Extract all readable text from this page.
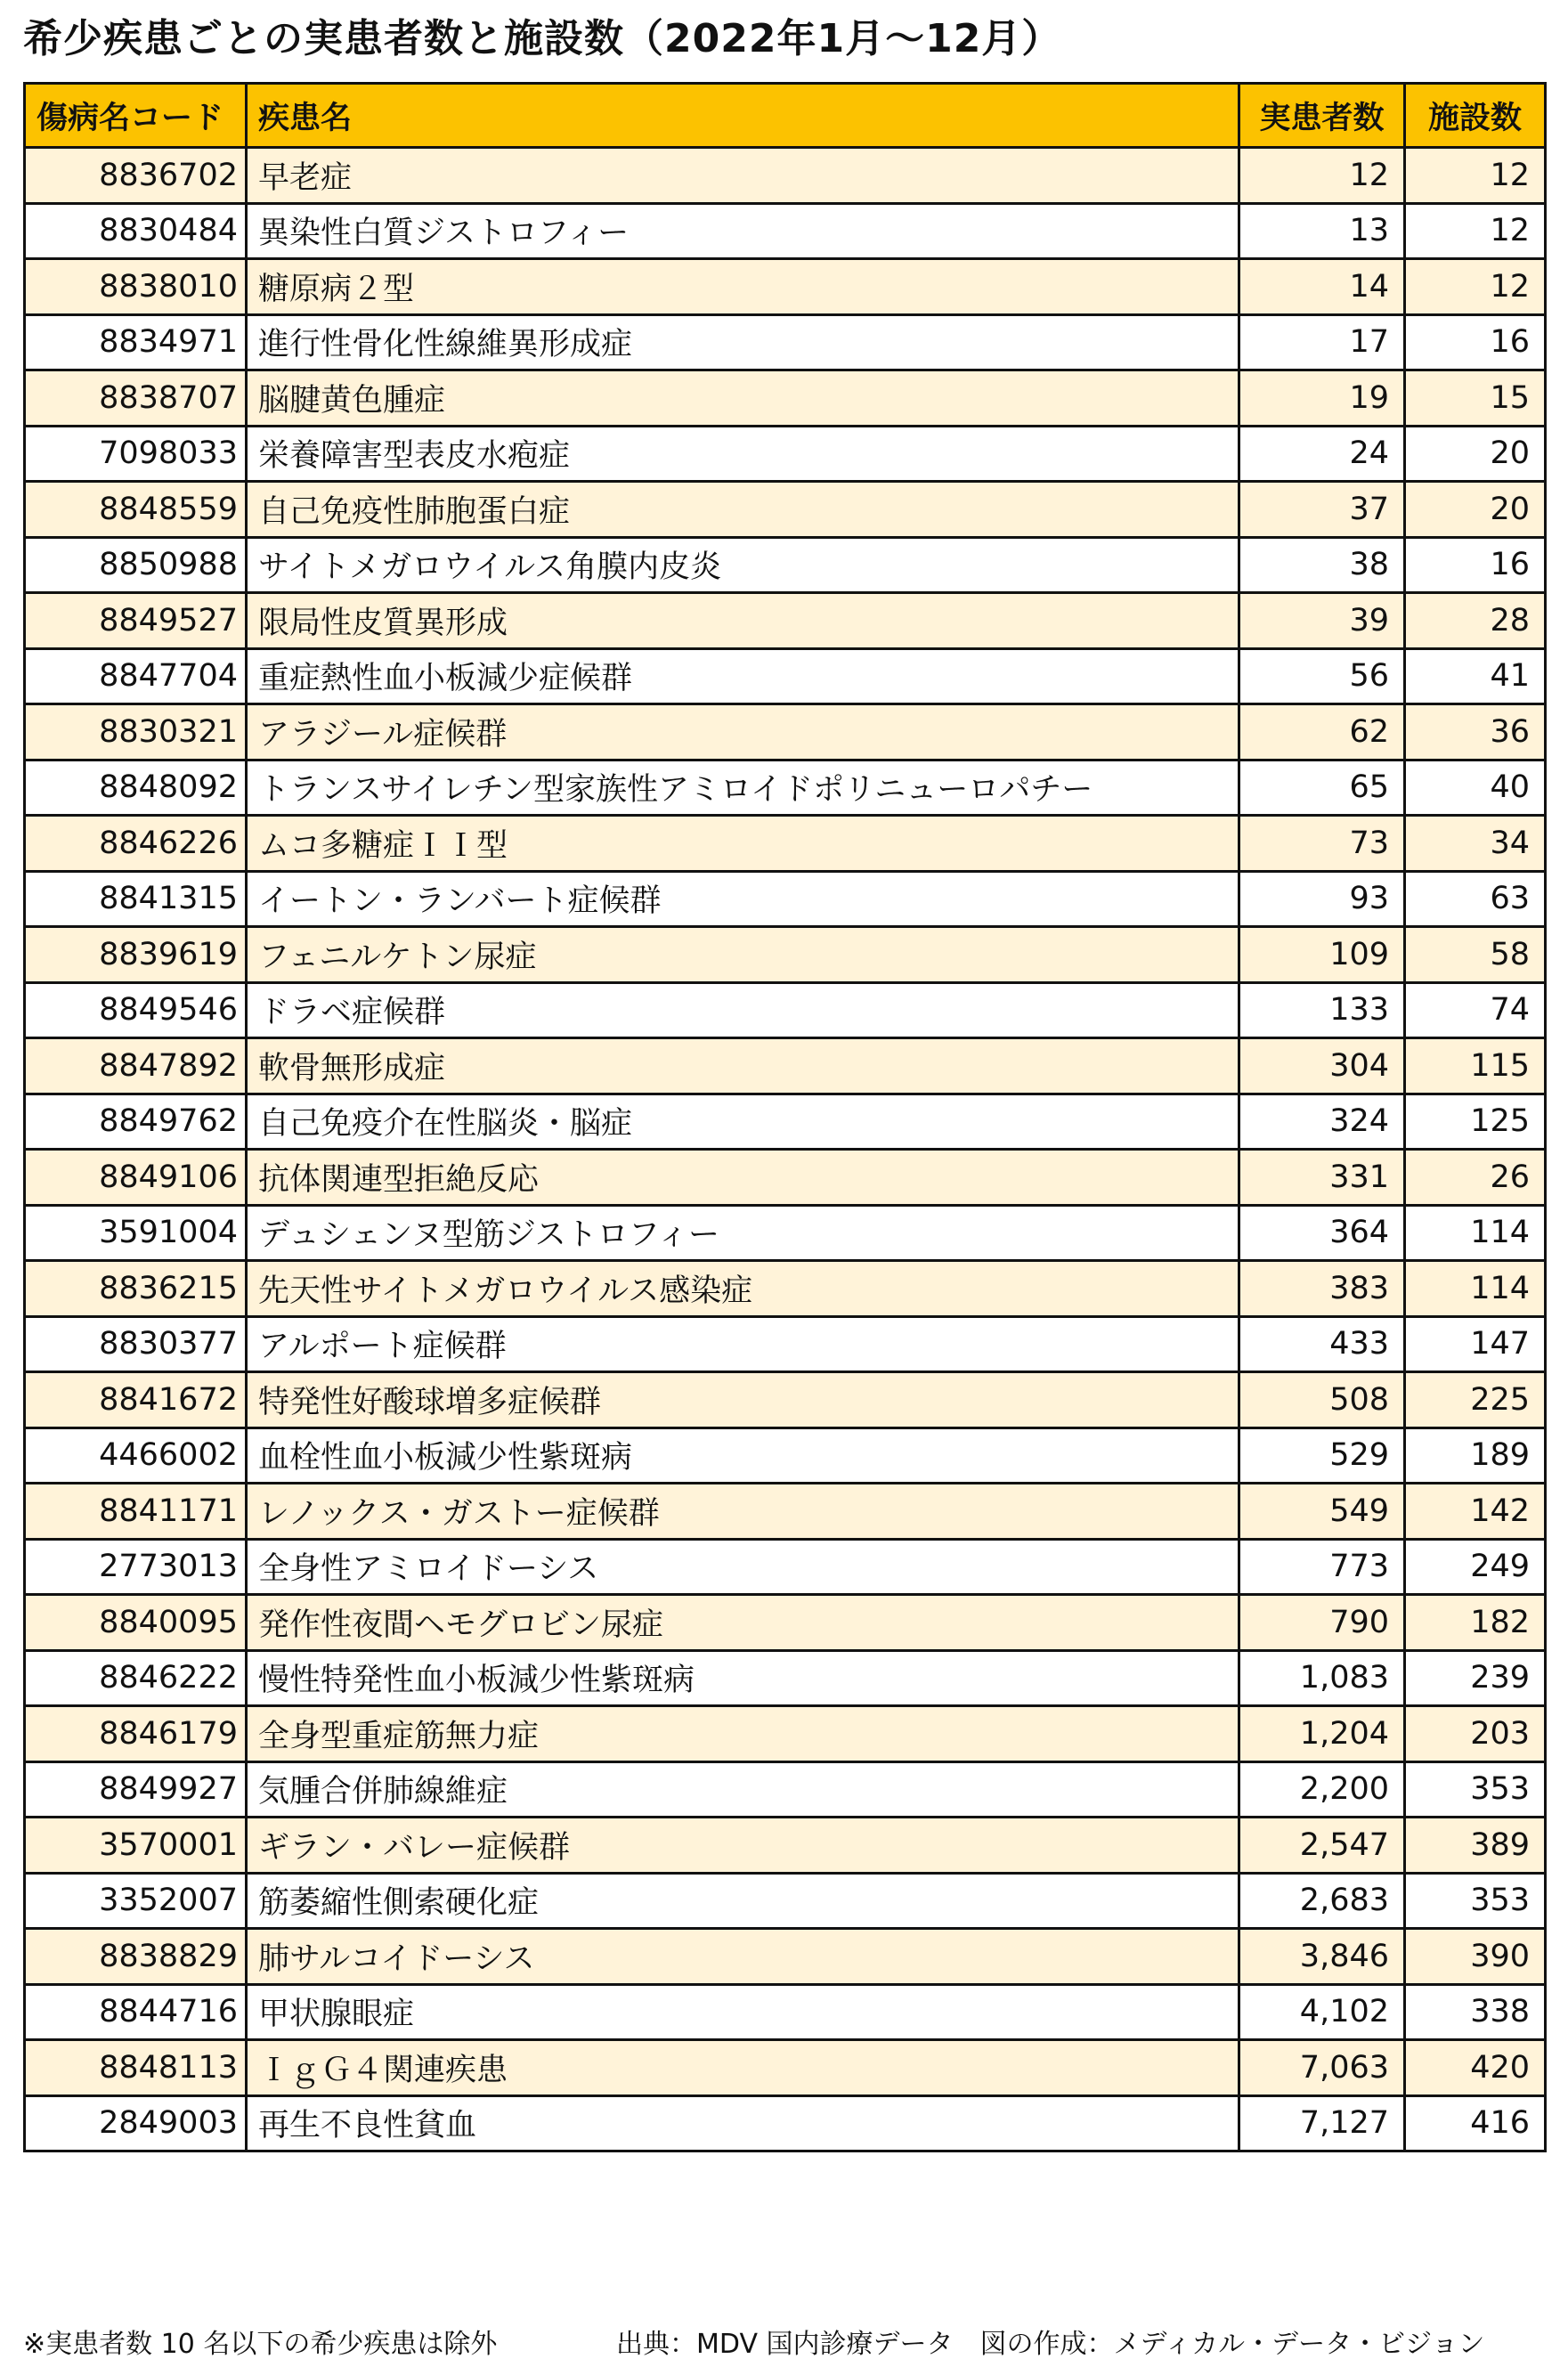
希少疾患ごとの実患者数と施設数（2022年1月～12月）
傷病名コード	疾患名	実患者数	施設数
8836702	早老症	12	12
8830484	異染性白質ジストロフィー	13	12
8838010	糖原病２型	14	12
8834971	進行性骨化性線維異形成症	17	16
8838707	脳腱黄色腫症	19	15
7098033	栄養障害型表皮水疱症	24	20
8848559	自己免疫性肺胞蛋白症	37	20
8850988	サイトメガロウイルス角膜内皮炎	38	16
8849527	限局性皮質異形成	39	28
8847704	重症熱性血小板減少症候群	56	41
8830321	アラジール症候群	62	36
8848092	トランスサイレチン型家族性アミロイドポリニューロパチー	65	40
8846226	ムコ多糖症ＩＩ型	73	34
8841315	イートン・ランバート症候群	93	63
8839619	フェニルケトン尿症	109	58
8849546	ドラベ症候群	133	74
8847892	軟骨無形成症	304	115
8849762	自己免疫介在性脳炎・脳症	324	125
8849106	抗体関連型拒絶反応	331	26
3591004	デュシェンヌ型筋ジストロフィー	364	114
8836215	先天性サイトメガロウイルス感染症	383	114
8830377	アルポート症候群	433	147
8841672	特発性好酸球増多症候群	508	225
4466002	血栓性血小板減少性紫斑病	529	189
8841171	レノックス・ガストー症候群	549	142
2773013	全身性アミロイドーシス	773	249
8840095	発作性夜間ヘモグロビン尿症	790	182
8846222	慢性特発性血小板減少性紫斑病	1,083	239
8846179	全身型重症筋無力症	1,204	203
8849927	気腫合併肺線維症	2,200	353
3570001	ギラン・バレー症候群	2,547	389
3352007	筋萎縮性側索硬化症	2,683	353
8838829	肺サルコイドーシス	3,846	390
8844716	甲状腺眼症	4,102	338
8848113	ＩｇＧ４関連疾患	7,063	420
2849003	再生不良性貧血	7,127	416
※実患者数 10 名以下の希少疾患は除外	出典：MDV 国内診療データ　図の作成：メディカル・データ・ビジョン
